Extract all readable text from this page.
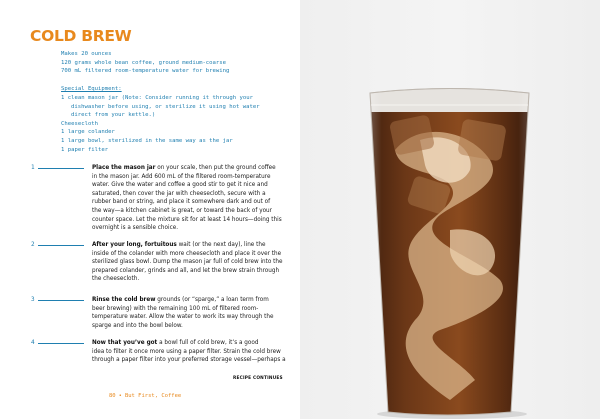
COLD BREW
Makes 20 ounces
120 grams whole bean coffee, ground medium-coarse
700 mL filtered room-temperature water for brewing
Special Equipment:
1 clean mason jar (Note: Consider running it through your
dishwasher before using, or sterilize it using hot water
direct from your kettle.)
Cheesecloth
1 large colander
1 large bowl, sterilized in the same way as the jar
1 paper filter
1	Place the mason jar on your scale, then put the ground coffee
in the mason jar. Add 600 mL of the filtered room-temperature
water. Give the water and coffee a good stir to get it nice and
saturated, then cover the jar with cheesecloth, secure with a
rubber band or string, and place it somewhere dark and out of
the way—a kitchen cabinet is great, or toward the back of your
counter space. Let the mixture sit for at least 14 hours—doing this
overnight is a sensible choice.
2	After your long, fortuitous wait (or the next day), line the
inside of the colander with more cheesecloth and place it over the
sterilized glass bowl. Dump the mason jar full of cold brew into the
prepared colander, grinds and all, and let the brew strain through
the cheesecloth.
3	Rinse the cold brew grounds (or “sparge,” a loan term from
beer brewing) with the remaining 100 mL of filtered room-
temperature water. Allow the water to work its way through the
sparge and into the bowl below.
4	Now that you’ve got a bowl full of cold brew, it’s a good
idea to filter it once more using a paper filter. Strain the cold brew
through a paper filter into your preferred storage vessel—perhaps a
RECIPE CONTINUES
80 • But First, Coffee
